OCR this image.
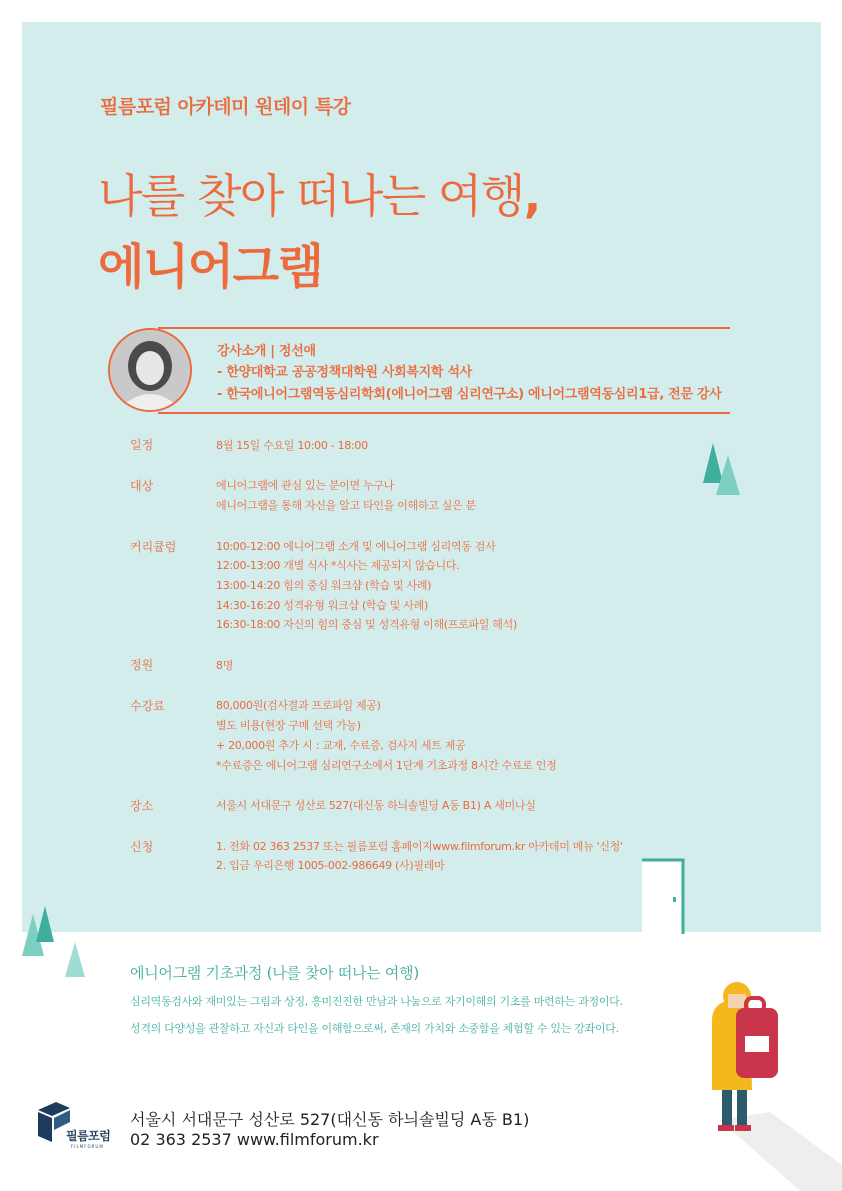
필름포럼 아카데미 원데이 특강
나를 찾아 떠나는 여행,
에니어그램
강사소개 | 정선애
- 한양대학교 공공정책대학원 사회복지학 석사
- 한국에니어그램역동심리학회(에니어그램 심리연구소) 에니어그램역동심리1급, 전문 강사
일정	8월 15일 수요일 10:00 - 18:00
대상	에니어그램에 관심 있는 분이면 누구나
에니어그램을 통해 자신을 알고 타인을 이해하고 싶은 분
커리큘럼	10:00-12:00 에니어그램 소개 및 에니어그램 심리역동 검사
12:00-13:00 개별 식사 *식사는 제공되지 않습니다.
13:00-14:20 힘의 중심 워크샵 (학습 및 사례)
14:30-16:20 성격유형 워크샵 (학습 및 사례)
16:30-18:00 자신의 힘의 중심 및 성격유형 이해(프로파일 해석)
정원	8명
수강료	80,000원(검사결과 프로파일 제공)
별도 비용(현장 구매 선택 가능)
+ 20,000원 추가 시 : 교재, 수료증, 검사지 세트 제공
*수료증은 에니어그램 심리연구소에서 1단계 기초과정 8시간 수료로 인정
장소	서울시 서대문구 성산로 527(대신동 하늬솔빌딩 A동 B1) A 세미나실
신청	1. 전화 02 363 2537 또는 필름포럼 홈페이지www.filmforum.kr 아카데미 메뉴 '신청'
2. 입금 우리은행 1005-002-986649 (사)필레마
에니어그램 기초과정 (나를 찾아 떠나는 여행)
심리역동검사와 재미있는 그림과 상징, 흥미진진한 만남과 나눔으로 자기이해의 기초를 마련하는 과정이다.
성격의 다양성을 관찰하고 자신과 타인을 이해함으로써, 존재의 가치와 소중함을 체험할 수 있는 강좌이다.
필름포럼
FILMFORUM
서울시 서대문구 성산로 527(대신동 하늬솔빌딩 A동 B1)
02 363 2537 www.filmforum.kr
